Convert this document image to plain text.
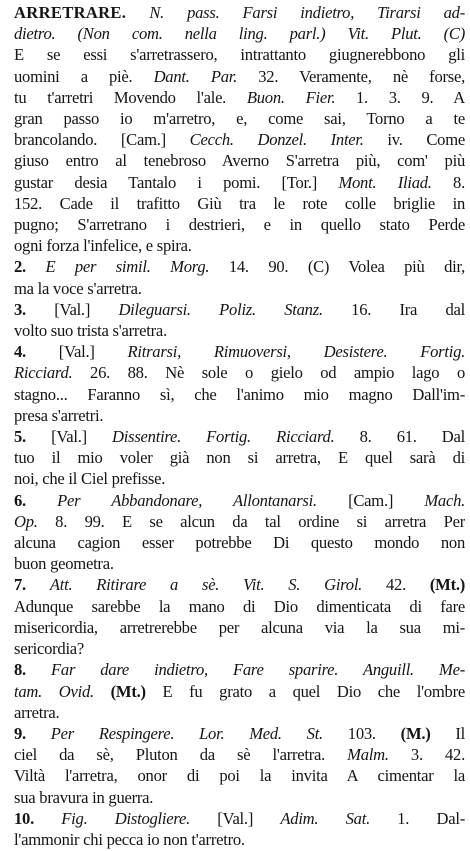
ARRETRARE. N. pass. Farsi indietro, Tirarsi ad-
dietro. (Non com. nella ling. parl.) Vit. Plut. (C)
E se essi s'arretrassero, intrattanto giugnerebbono gli
uomini a piè. Dant. Par. 32. Veramente, nè forse,
tu t'arretri Movendo l'ale. Buon. Fier. 1. 3. 9. A
gran passo io m'arretro, e, come sai, Torno a te
brancolando. [Cam.] Cecch. Donzel. Inter. iv. Come
giuso entro al tenebroso Averno S'arretra più, com' più
gustar desia Tantalo i pomi. [Tor.] Mont. Iliad. 8.
152. Cade il trafitto Giù tra le rote colle briglie in
pugno; S'arretrano i destrieri, e in quello stato Perde
ogni forza l'infelice, e spira.
2. E per simil. Morg. 14. 90. (C) Volea più dir,
ma la voce s'arretra.
3. [Val.] Dileguarsi. Poliz. Stanz. 16. Ira dal
volto suo trista s'arretra.
4. [Val.] Ritrarsi, Rimuoversi, Desistere. Fortig.
Ricciard. 26. 88. Nè sole o gielo od ampio lago o
stagno... Faranno sì, che l'animo mio magno Dall'im-
presa s'arretri.
5. [Val.] Dissentire. Fortig. Ricciard. 8. 61. Dal
tuo il mio voler già non si arretra, E quel sarà di
noi, che il Ciel prefisse.
6. Per Abbandonare, Allontanarsi. [Cam.] Mach.
Op. 8. 99. E se alcun da tal ordine si arretra Per
alcuna cagion esser potrebbe Di questo mondo non
buon geometra.
7. Att. Ritirare a sè. Vit. S. Girol. 42. (Mt.)
Adunque sarebbe la mano di Dio dimenticata di fare
misericordia, arretrerebbe per alcuna via la sua mi-
sericordia?
8. Far dare indietro, Fare sparire. Anguill. Me-
tam. Ovid. (Mt.) E fu grato a quel Dio che l'ombre
arretra.
9. Per Respingere. Lor. Med. St. 103. (M.) Il
ciel da sè, Pluton da sè l'arretra. Malm. 3. 42.
Viltà l'arretra, onor di poi la invita A cimentar la
sua bravura in guerra.
10. Fig. Distogliere. [Val.] Adim. Sat. 1. Dal-
l'ammonir chi pecca io non t'arretro.
